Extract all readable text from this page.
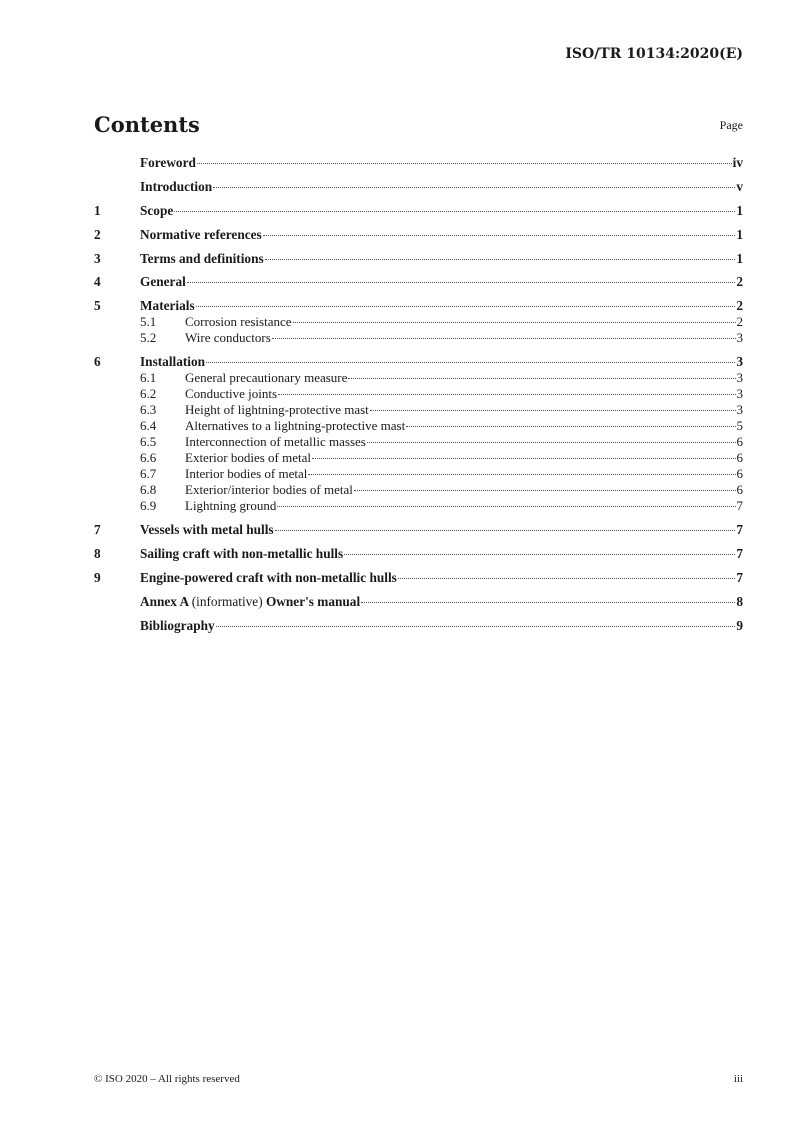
ISO/TR 10134:2020(E)
Contents	Page
Foreword	iv
Introduction	v
1	Scope	1
2	Normative references	1
3	Terms and definitions	1
4	General	2
5	Materials	2
5.1	Corrosion resistance	2
5.2	Wire conductors	3
6	Installation	3
6.1	General precautionary measure	3
6.2	Conductive joints	3
6.3	Height of lightning-protective mast	3
6.4	Alternatives to a lightning-protective mast	5
6.5	Interconnection of metallic masses	6
6.6	Exterior bodies of metal	6
6.7	Interior bodies of metal	6
6.8	Exterior/interior bodies of metal	6
6.9	Lightning ground	7
7	Vessels with metal hulls	7
8	Sailing craft with non-metallic hulls	7
9	Engine-powered craft with non-metallic hulls	7
Annex A (informative) Owner's manual	8
Bibliography	9
© ISO 2020 – All rights reserved	iii
